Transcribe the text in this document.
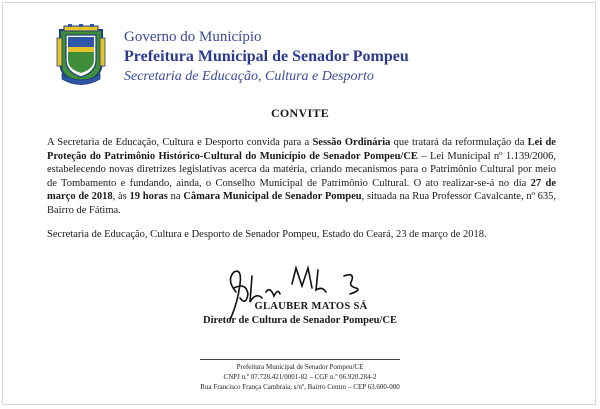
Governo do Município
Prefeitura Municipal de Senador Pompeu
Secretaria de Educação, Cultura e Desporto
CONVITE

A Secretaria de Educação, Cultura e Desporto convida para a Sessão Ordinária que tratará da reformulação da Lei de Proteção do Patrimônio Histórico-Cultural do Município de Senador Pompeu/CE – Lei Municipal nº 1.139/2006, estabelecendo novas diretrizes legislativas acerca da matéria, criando mecanismos para o Patrimônio Cultural por meio de Tombamento e fundando, ainda, o Conselho Municipal de Patrimônio Cultural. O ato realizar-se-á no dia 27 de março de 2018, às 19 horas na Câmara Municipal de Senador Pompeu, situada na Rua Professor Cavalcante, nº 635, Bairro de Fátima.

Secretaria de Educação, Cultura e Desporto de Senador Pompeu, Estado do Ceará, 23 de março de 2018.

GLAUBER MATOS SÁ
Diretor de Cultura de Senador Pompeu/CE
Prefeitura Municipal de Senador Pompeu/CE
CNPJ n.º 07.728.421/0001-82 – CGF n.º 06.920.284-2
Rua Francisco França Cambraia, s/nº, Bairro Centro – CEP 63.600-000
